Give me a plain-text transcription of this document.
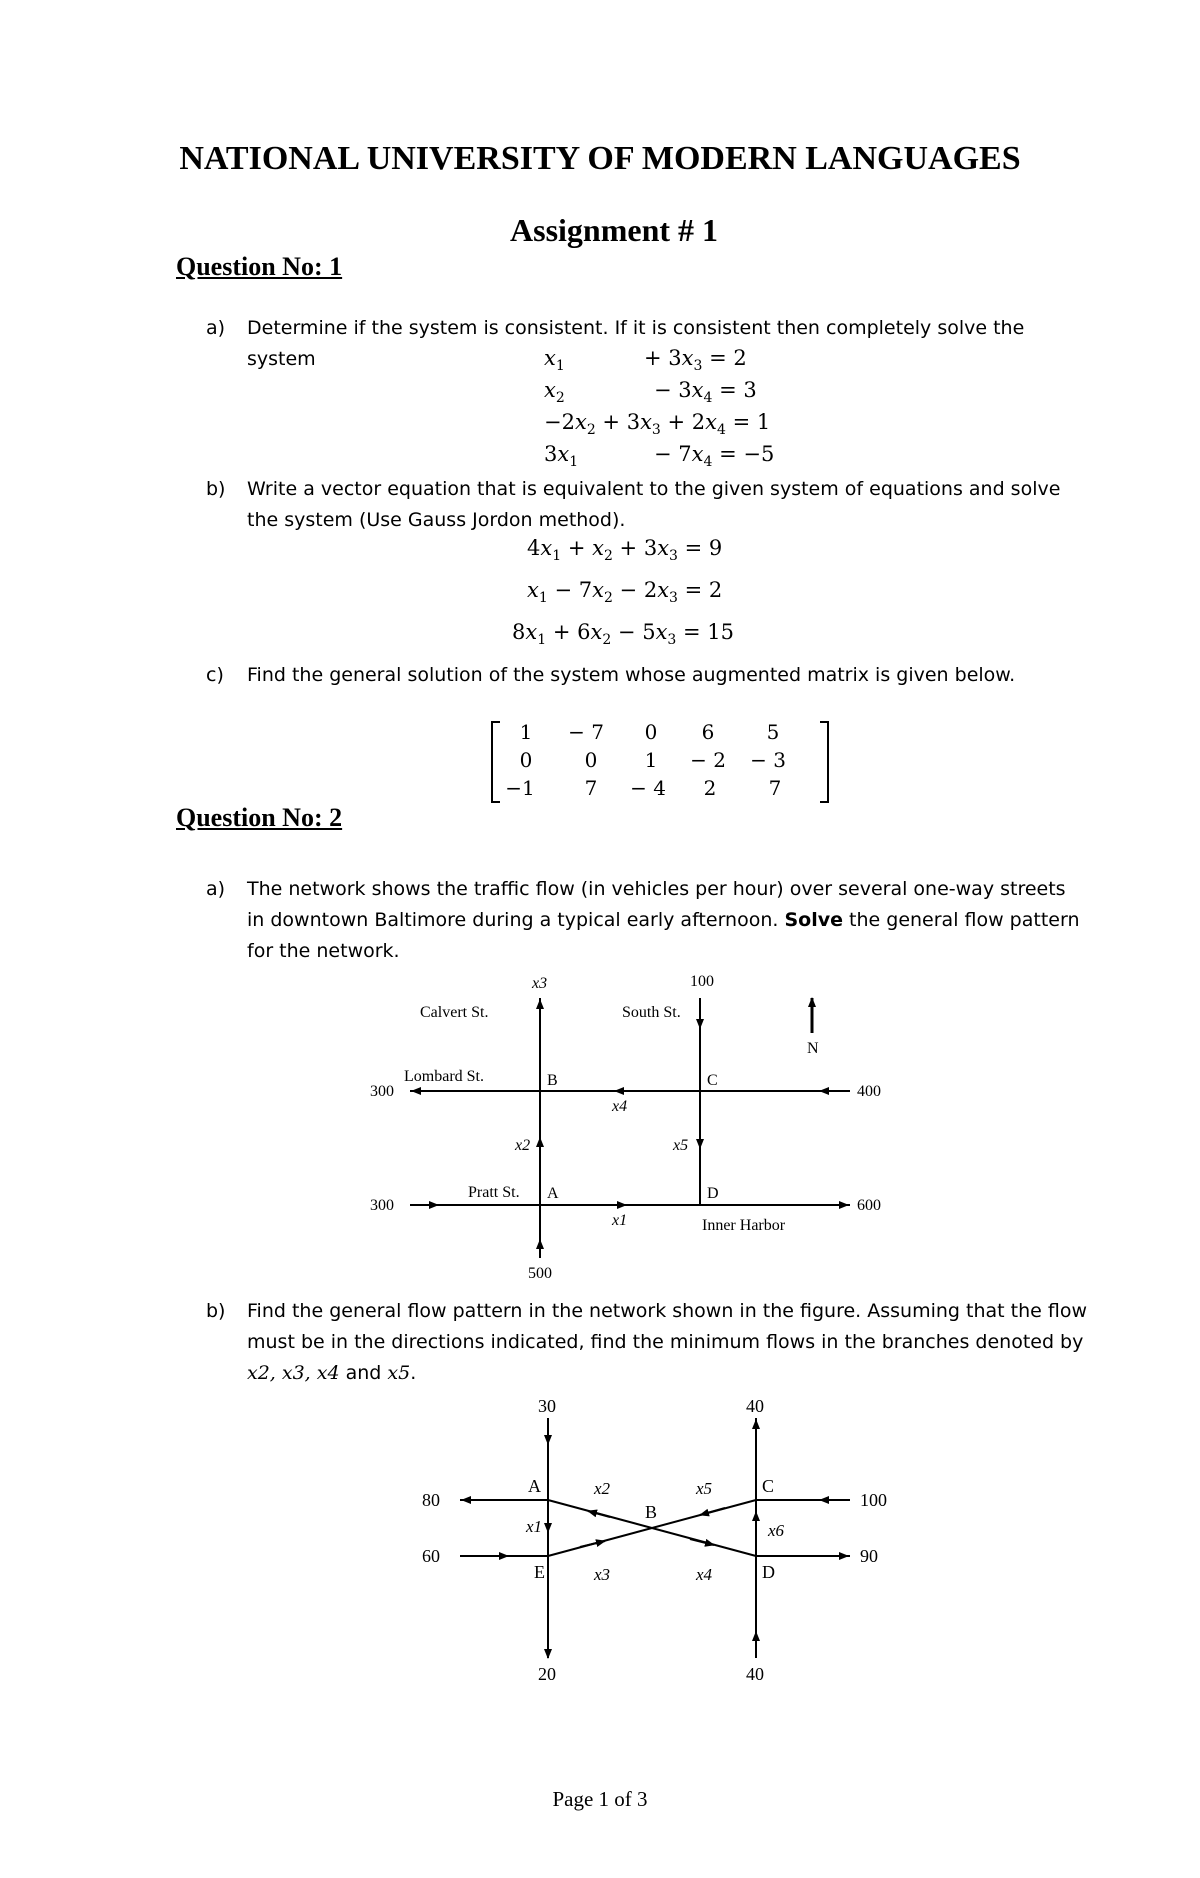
NATIONAL UNIVERSITY OF MODERN LANGUAGES
Assignment # 1
Question No: 1
a)	Determine if the system is consistent. If it is consistent then completely solve the system	$x_1$	+ $3x_3 = 2$
$x_2$	− $3x_4 = 3$
$-2x_2 + 3x_3 + 2x_4 = 1$
$3x_1$	− $7x_4 = -5$
b)	Write a vector equation that is equivalent to the given system of equations and solve the system (Use Gauss Jordon method).
$4x_1 + x_2 + 3x_3 = 9$
$x_1 - 7x_2 - 2x_3 = 2$
$8x_1 + 6x_2 - 5x_3 = 15$
c)	Find the general solution of the system whose augmented matrix is given below.
1	− 7	0	6	5
0	0	1	− 2	− 3
−1	7	− 4	2	7
Question No: 2
a)	The network shows the traffic flow (in vehicles per hour) over several one-way streets in downtown Baltimore during a typical early afternoon. Solve the general flow pattern for the network.
x3
Calvert St.	South St.
100
N
Lombard St.	B	C
300	400
x4
x2	x5
Pratt St. A	D
300	600
x1	Inner Harbor
500
b)	Find the general flow pattern in the network shown in the figure. Assuming that the flow must be in the directions indicated, find the minimum flows in the branches denoted by x2, x3, x4 and x5.
30	40
A	C
B
E	D
80	100
60	90
20	40
x1
x2
x3	x4
x5
x6
Page 1 of 3
